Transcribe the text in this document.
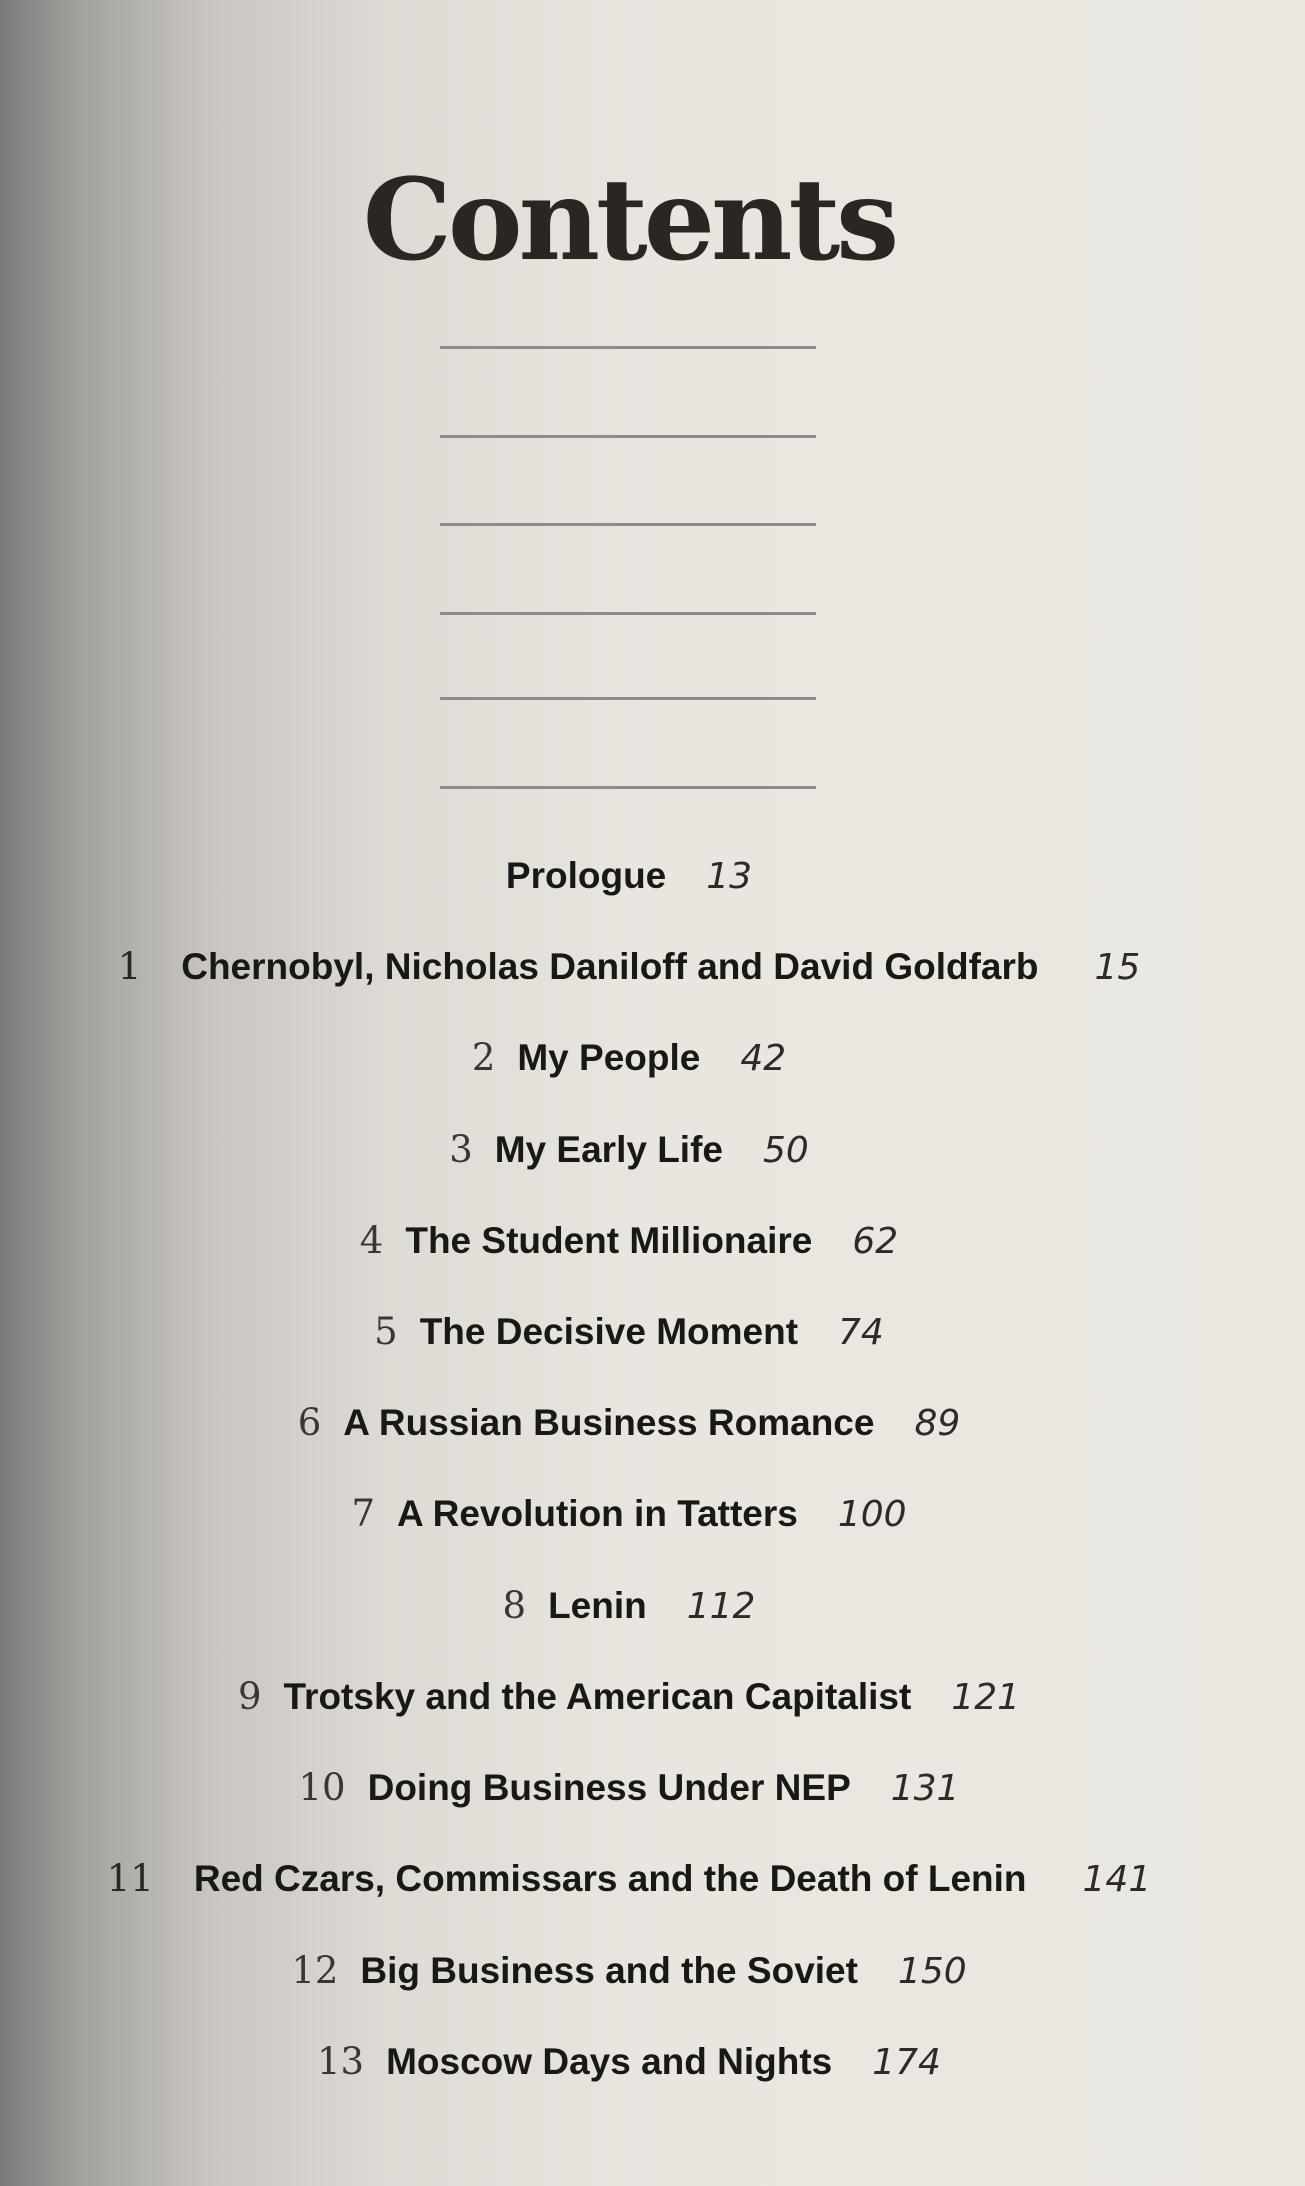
Contents
Prologue 13
1 Chernobyl, Nicholas Daniloff and David Goldfarb 15
2 My People 42
3 My Early Life 50
4 The Student Millionaire 62
5 The Decisive Moment 74
6 A Russian Business Romance 89
7 A Revolution in Tatters 100
8 Lenin 112
9 Trotsky and the American Capitalist 121
10 Doing Business Under NEP 131
11 Red Czars, Commissars and the Death of Lenin 141
12 Big Business and the Soviet 150
13 Moscow Days and Nights 174
